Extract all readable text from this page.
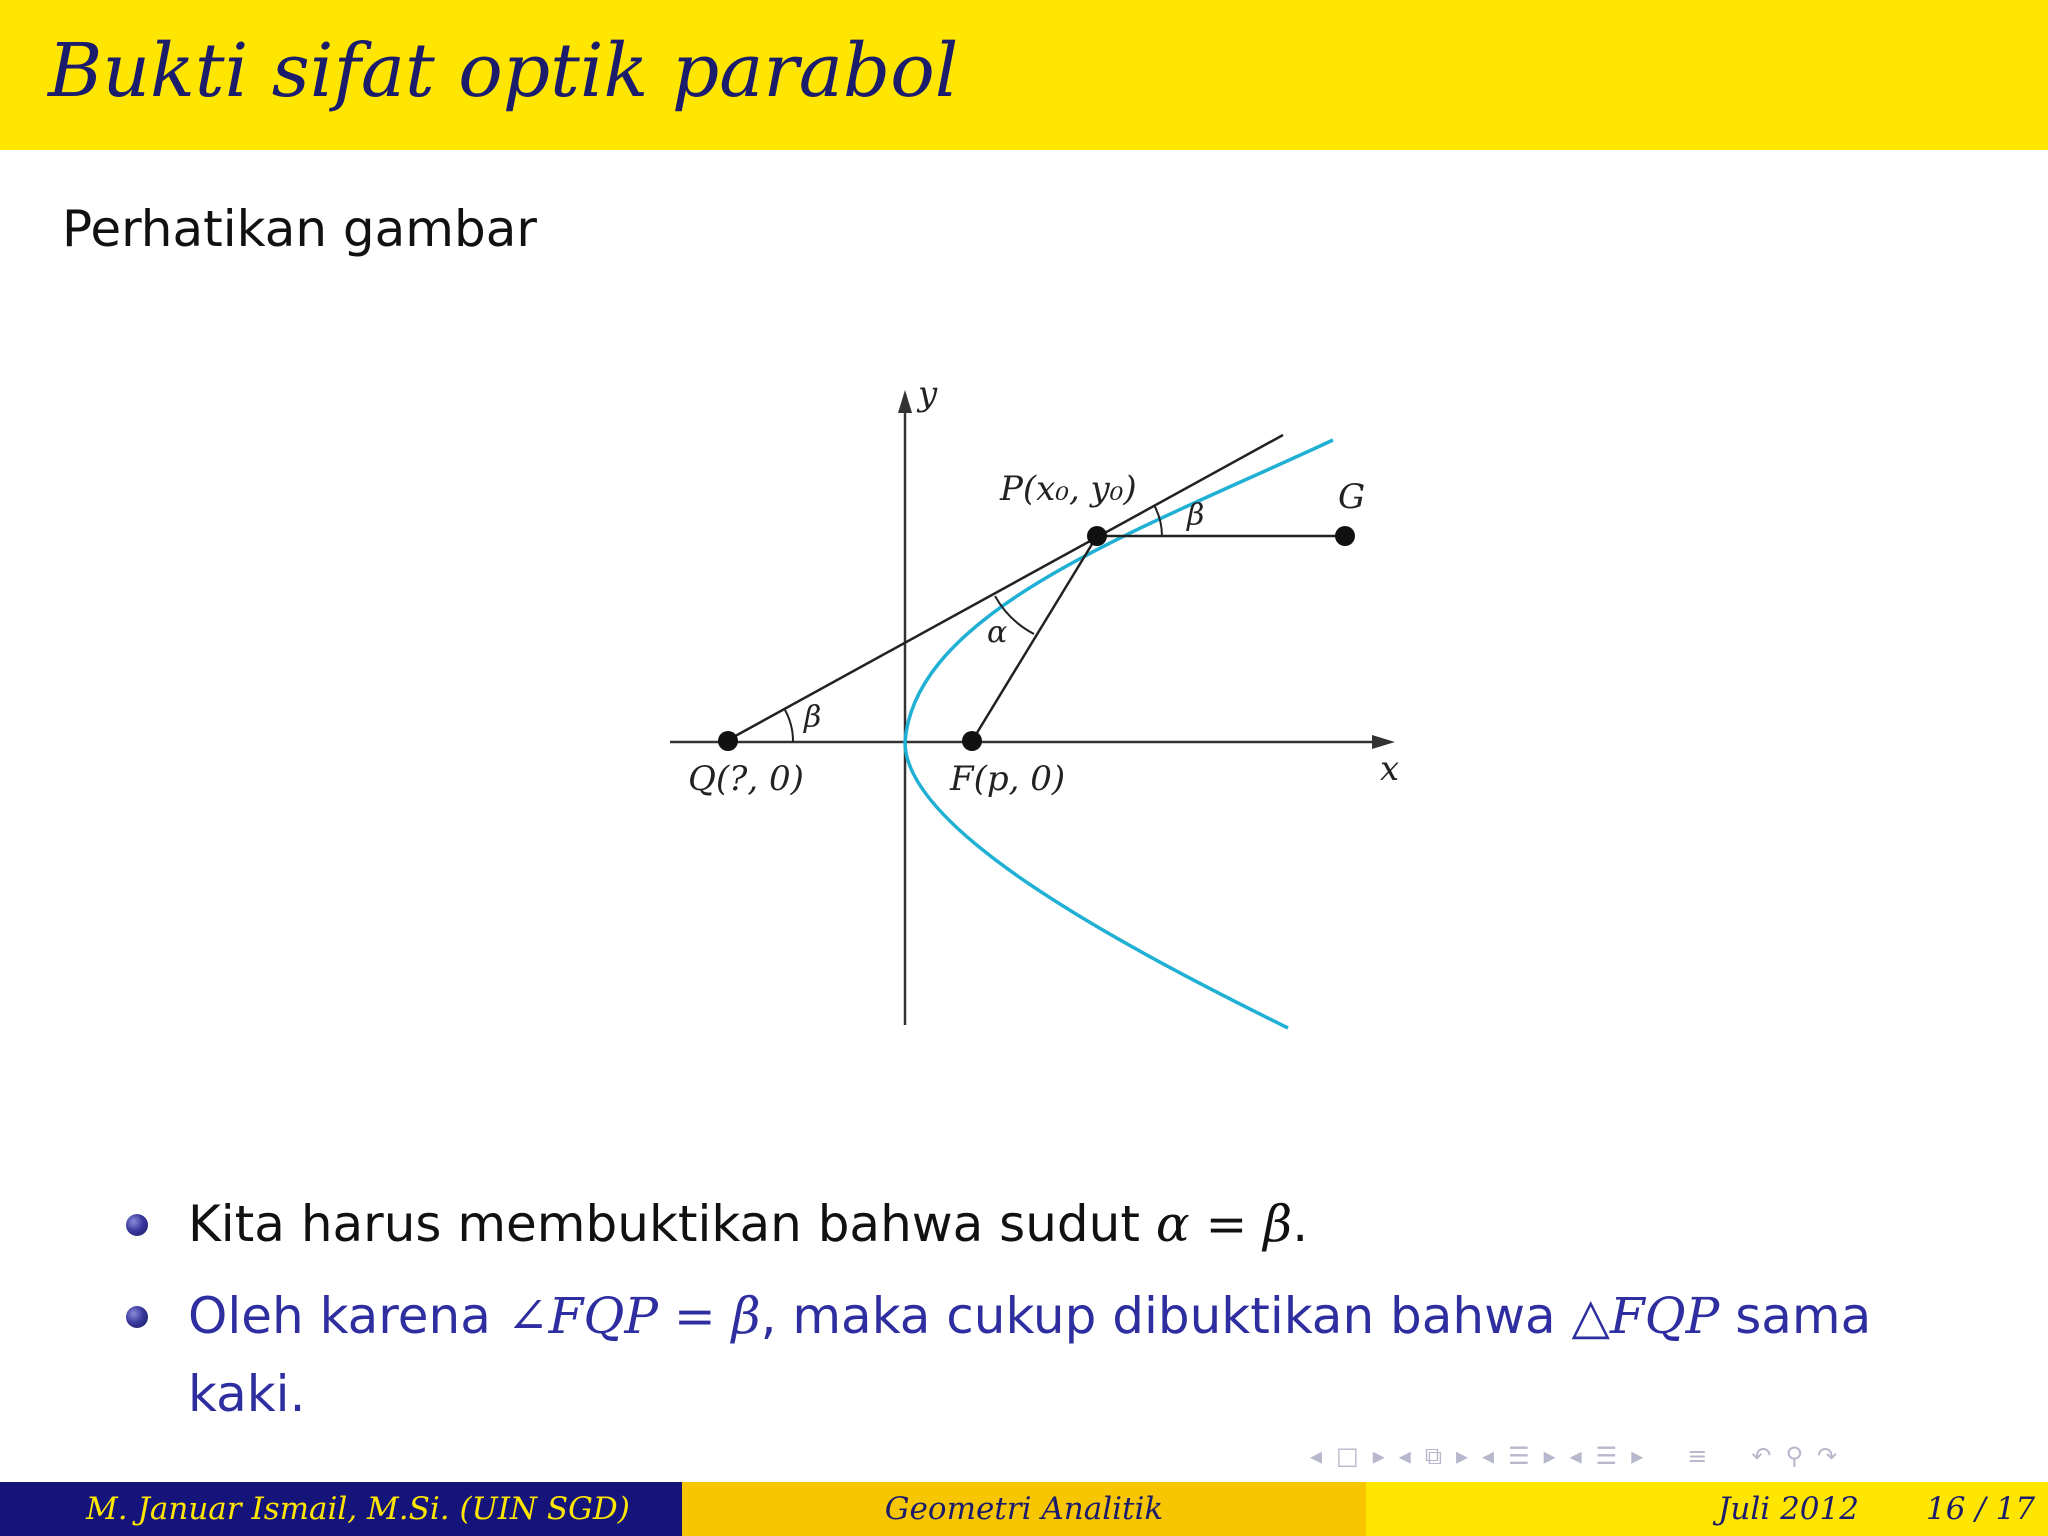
Bukti sifat optik parabol
Perhatikan gambar
x
y
P(x₀, y₀)	G
Q(?, 0)	F(p, 0)
α
β
β
Kita harus membuktikan bahwa sudut α = β.
Oleh karena ∠FQP = β, maka cukup dibuktikan bahwa △FQP sama kaki.
◂ □ ▸ ◂ ⧉ ▸ ◂ ☰ ▸ ◂ ☰ ▸ ≡ ↶ ⚲ ↷
M. Januar Ismail, M.Si. (UIN SGD)	Geometri Analitik	Juli 2012 16 / 17
